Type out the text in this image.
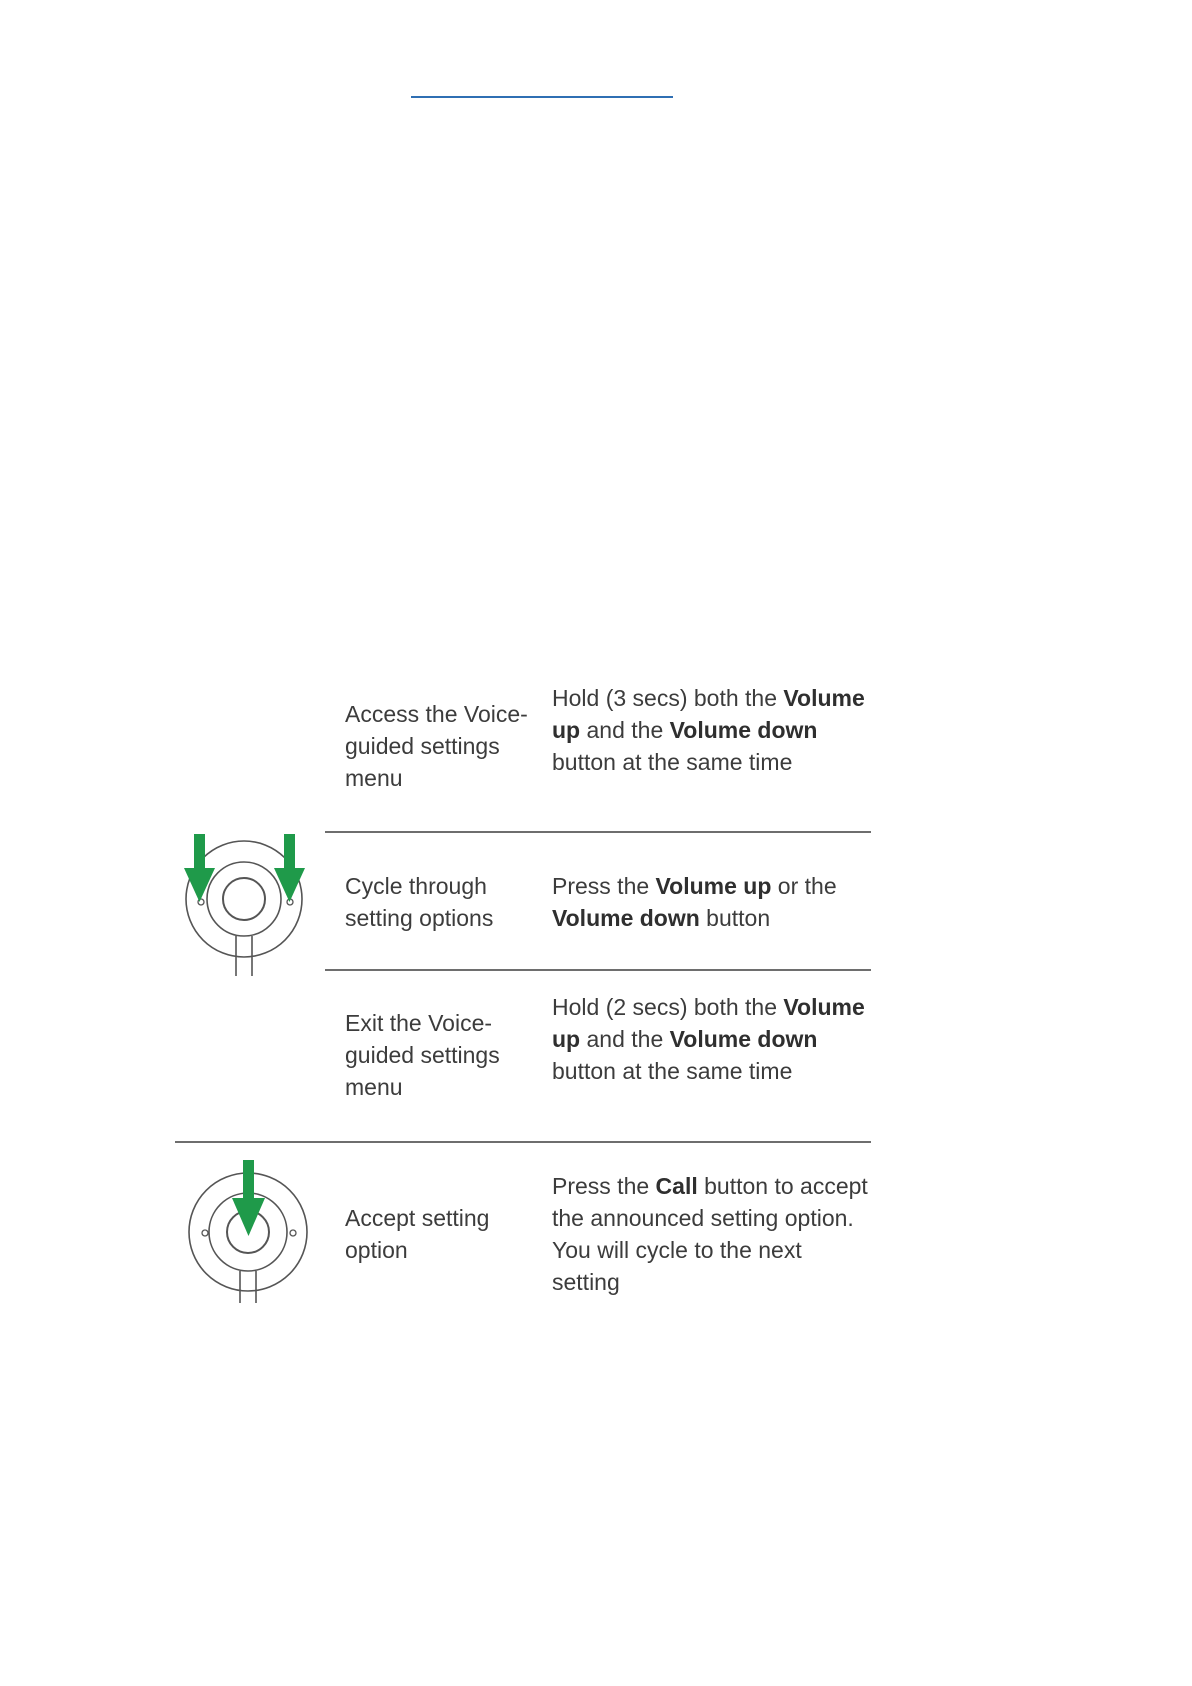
Access the Voice-guided settings menu
Hold (3 secs) both the Volume up and the Volume down button at the same time
Cycle through setting options
Press the Volume up or the Volume down button
Exit the Voice-guided settings menu
Hold (2 secs) both the Volume up and the Volume down button at the same time
Accept setting option
Press the Call button to accept the announced setting option. You will cycle to the next setting
